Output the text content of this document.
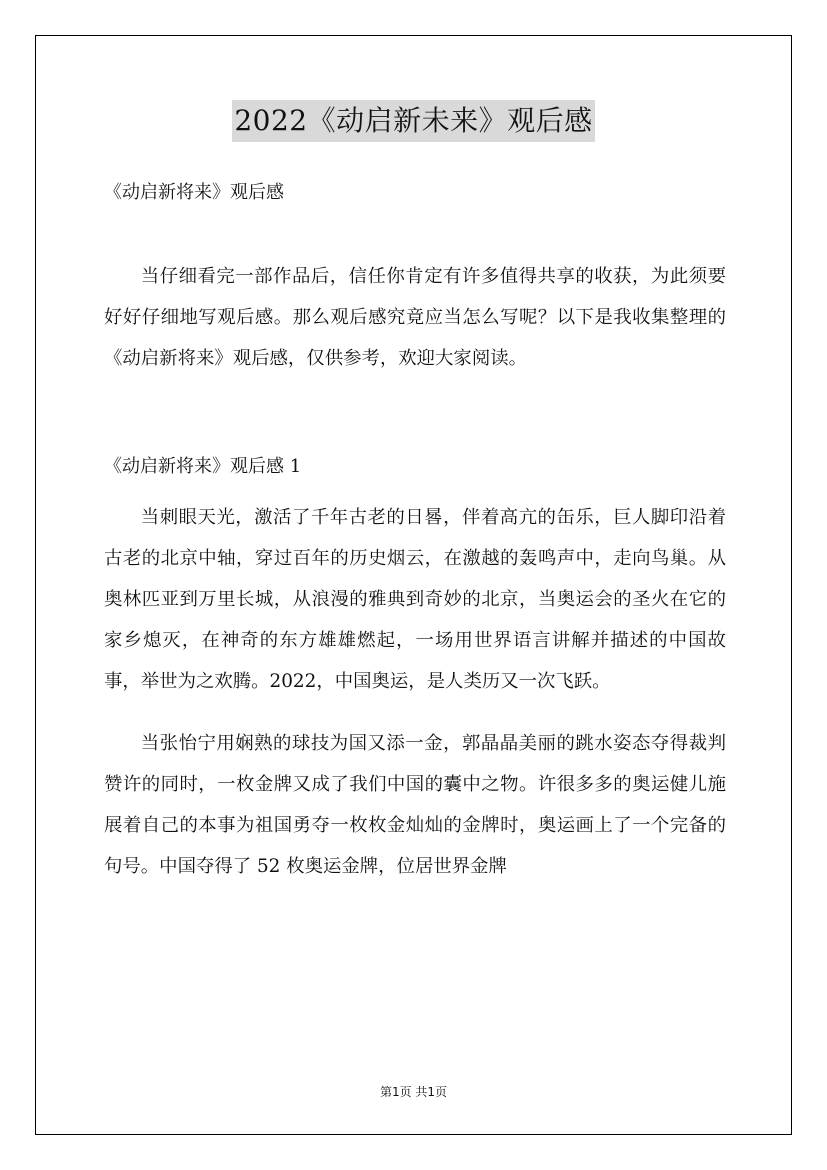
2022《动启新未来》观后感
《动启新将来》观后感

当仔细看完一部作品后，信任你肯定有许多值得共享的收获，为此须要好好仔细地写观后感。那么观后感究竟应当怎么写呢？以下是我收集整理的《动启新将来》观后感，仅供参考，欢迎大家阅读。

《动启新将来》观后感 1

当刺眼天光，激活了千年古老的日晷，伴着高亢的缶乐，巨人脚印沿着古老的北京中轴，穿过百年的历史烟云，在激越的轰鸣声中，走向鸟巢。从奥林匹亚到万里长城，从浪漫的雅典到奇妙的北京，当奥运会的圣火在它的家乡熄灭，在神奇的东方雄雄燃起，一场用世界语言讲解并描述的中国故事，举世为之欢腾。2022，中国奥运，是人类历又一次飞跃。

当张怡宁用娴熟的球技为国又添一金，郭晶晶美丽的跳水姿态夺得裁判赞许的同时，一枚金牌又成了我们中国的囊中之物。许很多多的奥运健儿施展着自己的本事为祖国勇夺一枚枚金灿灿的金牌时，奥运画上了一个完备的句号。中国夺得了 52 枚奥运金牌，位居世界金牌

第1页 共1页
